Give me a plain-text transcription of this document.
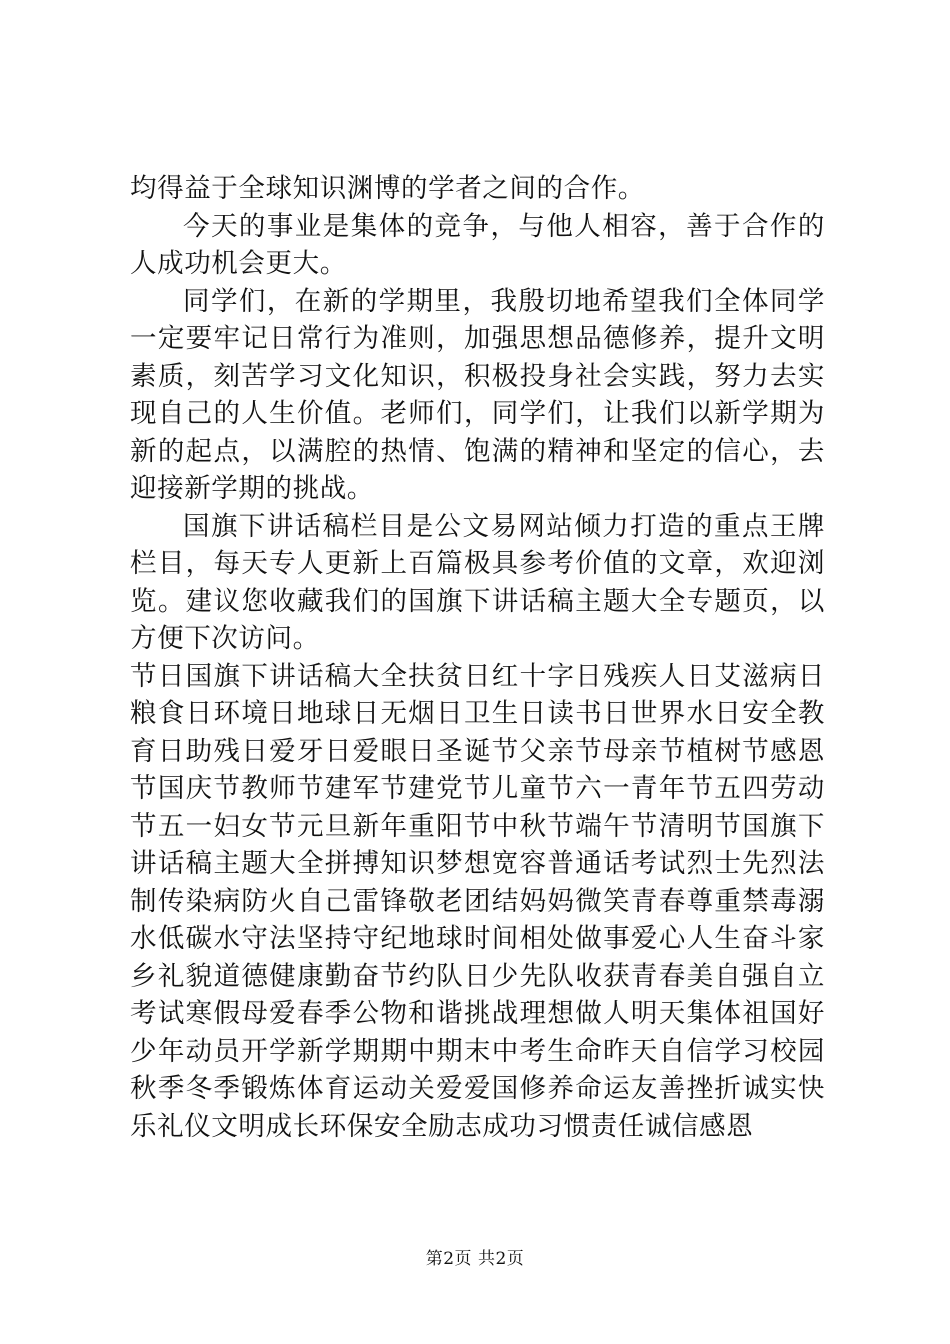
均得益于全球知识渊博的学者之间的合作。

今天的事业是集体的竞争，与他人相容，善于合作的人成功机会更大。

同学们，在新的学期里，我殷切地希望我们全体同学一定要牢记日常行为准则，加强思想品德修养，提升文明素质，刻苦学习文化知识，积极投身社会实践，努力去实现自己的人生价值。老师们，同学们，让我们以新学期为新的起点，以满腔的热情、饱满的精神和坚定的信心，去迎接新学期的挑战。

国旗下讲话稿栏目是公文易网站倾力打造的重点王牌栏目，每天专人更新上百篇极具参考价值的文章，欢迎浏览。建议您收藏我们的国旗下讲话稿主题大全专题页，以方便下次访问。

节日国旗下讲话稿大全扶贫日红十字日残疾人日艾滋病日粮食日环境日地球日无烟日卫生日读书日世界水日安全教育日助残日爱牙日爱眼日圣诞节父亲节母亲节植树节感恩节国庆节教师节建军节建党节儿童节六一青年节五四劳动节五一妇女节元旦新年重阳节中秋节端午节清明节国旗下讲话稿主题大全拼搏知识梦想宽容普通话考试烈士先烈法制传染病防火自己雷锋敬老团结妈妈微笑青春尊重禁毒溺水低碳水守法坚持守纪地球时间相处做事爱心人生奋斗家乡礼貌道德健康勤奋节约队日少先队收获青春美自强自立考试寒假母爱春季公物和谐挑战理想做人明天集体祖国好少年动员开学新学期期中期末中考生命昨天自信学习校园秋季冬季锻炼体育运动关爱爱国修养命运友善挫折诚实快乐礼仪文明成长环保安全励志成功习惯责任诚信感恩

第2页 共2页
